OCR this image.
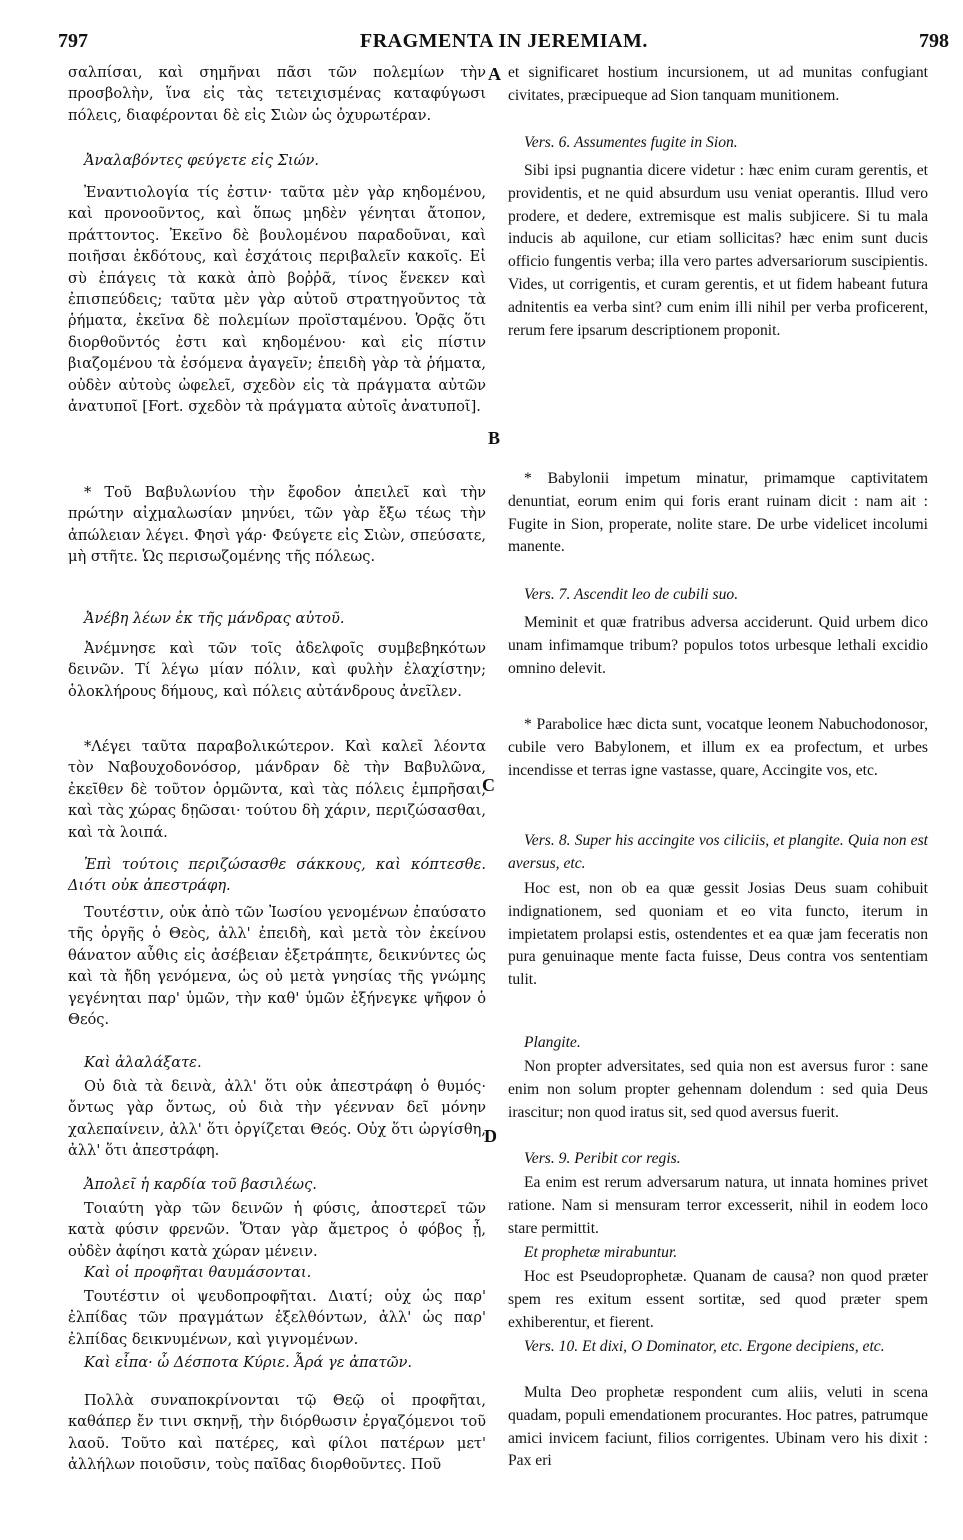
797	FRAGMENTA IN JEREMIAM.	798
A
B
C
D
σαλπίσαι, καὶ σημῆναι πᾶσι τῶν πολεμίων τὴν προσβολὴν, ἵνα εἰς τὰς τετειχισμένας καταφύγωσι πόλεις, διαφέρονται δὲ εἰς Σιὼν ὡς ὀχυρωτέραν.
Ἀναλαβόντες φεύγετε εἰς Σιών.
Ἐναντιολογία τίς ἐστιν· ταῦτα μὲν γὰρ κηδομένου, καὶ προνοοῦντος, καὶ ὅπως μηδὲν γένηται ἄτοπον, πράττοντος. Ἐκεῖνο δὲ βουλομένου παραδοῦναι, καὶ ποιῆσαι ἐκδότους, καὶ ἐσχάτοις περιβαλεῖν κακοῖς. Εἰ σὺ ἐπάγεις τὰ κακὰ ἀπὸ βοῤῥᾶ, τίνος ἕνεκεν καὶ ἐπισπεύδεις; ταῦτα μὲν γὰρ αὐτοῦ στρατηγοῦντος τὰ ῥήματα, ἐκεῖνα δὲ πολεμίων προϊσταμένου. Ὁρᾷς ὅτι διορθοῦντός ἐστι καὶ κηδομένου· καὶ εἰς πίστιν βιαζομένου τὰ ἐσόμενα ἀγαγεῖν; ἐπειδὴ γὰρ τὰ ῥήματα, οὐδὲν αὐτοὺς ὠφελεῖ, σχεδὸν εἰς τὰ πράγματα αὐτῶν ἀνατυποῖ [Fort. σχεδὸν τὰ πράγματα αὐτοῖς ἀνατυποῖ].
* Τοῦ Βαβυλωνίου τὴν ἔφοδον ἀπειλεῖ καὶ τὴν πρώτην αἰχμαλωσίαν μηνύει, τῶν γὰρ ἔξω τέως τὴν ἀπώλειαν λέγει. Φησὶ γάρ· Φεύγετε εἰς Σιὼν, σπεύσατε, μὴ στῆτε. Ὡς περισωζομένης τῆς πόλεως.
Ἀνέβη λέων ἐκ τῆς μάνδρας αὐτοῦ.
Ἀνέμνησε καὶ τῶν τοῖς ἀδελφοῖς συμβεβηκότων δεινῶν. Τί λέγω μίαν πόλιν, καὶ φυλὴν ἐλαχίστην; ὁλοκλήρους δήμους, καὶ πόλεις αὐτάνδρους ἀνεῖλεν.
*Λέγει ταῦτα παραβολικώτερον. Καὶ καλεῖ λέοντα τὸν Ναβουχοδονόσορ, μάνδραν δὲ τὴν Βαβυλῶνα, ἐκεῖθεν δὲ τοῦτον ὁρμῶντα, καὶ τὰς πόλεις ἐμπρῆσαι, καὶ τὰς χώρας δῃῶσαι· τούτου δὴ χάριν, περιζώσασθαι, καὶ τὰ λοιπά.
Ἐπὶ τούτοις περιζώσασθε σάκκους, καὶ κόπτεσθε. Διότι οὐκ ἀπεστράφη.
Τουτέστιν, οὐκ ἀπὸ τῶν Ἰωσίου γενομένων ἐπαύσατο τῆς ὀργῆς ὁ Θεὸς, ἀλλ' ἐπειδὴ, καὶ μετὰ τὸν ἐκείνου θάνατον αὖθις εἰς ἀσέβειαν ἐξετράπητε, δεικνύντες ὡς καὶ τὰ ἤδη γενόμενα, ὡς οὐ μετὰ γνησίας τῆς γνώμης γεγένηται παρ' ὑμῶν, τὴν καθ' ὑμῶν ἐξήνεγκε ψῆφον ὁ Θεός.
Καὶ ἀλαλάξατε.
Οὐ διὰ τὰ δεινὰ, ἀλλ' ὅτι οὐκ ἀπεστράφη ὁ θυμός· ὄντως γὰρ ὄντως, οὐ διὰ τὴν γέενναν δεῖ μόνην χαλεπαίνειν, ἀλλ' ὅτι ὀργίζεται Θεός. Οὐχ ὅτι ὠργίσθη, ἀλλ' ὅτι ἀπεστράφη.
Ἀπολεῖ ἡ καρδία τοῦ βασιλέως.
Τοιαύτη γὰρ τῶν δεινῶν ἡ φύσις, ἀποστερεῖ τῶν κατὰ φύσιν φρενῶν. Ὅταν γὰρ ἄμετρος ὁ φόβος ᾖ, οὐδὲν ἀφίησι κατὰ χώραν μένειν.
Καὶ οἱ προφῆται θαυμάσονται.
Τουτέστιν οἱ ψευδοπροφῆται. Διατί; οὐχ ὡς παρ' ἐλπίδας τῶν πραγμάτων ἐξελθόντων, ἀλλ' ὡς παρ' ἐλπίδας δεικνυμένων, καὶ γιγνομένων.
Καὶ εἶπα· ὦ Δέσποτα Κύριε. Ἆρά γε ἀπατῶν.
Πολλὰ συναποκρίνονται τῷ Θεῷ οἱ προφῆται, καθάπερ ἔν τινι σκηνῇ, τὴν διόρθωσιν ἐργαζόμενοι τοῦ λαοῦ. Τοῦτο καὶ πατέρες, καὶ φίλοι πατέρων μετ' ἀλλήλων ποιοῦσιν, τοὺς παῖδας διορθοῦντες. Ποῦ
et significaret hostium incursionem, ut ad munitas confugiant civitates, præcipueque ad Sion tanquam munitionem.
Vers. 6. Assumentes fugite in Sion.
Sibi ipsi pugnantia dicere videtur : hæc enim curam gerentis, et providentis, et ne quid absurdum usu veniat operantis. Illud vero prodere, et dedere, extremisque est malis subjicere. Si tu mala inducis ab aquilone, cur etiam sollicitas? hæc enim sunt ducis officio fungentis verba; illa vero partes adversariorum suscipientis. Vides, ut corrigentis, et curam gerentis, et ut fidem habeant futura adnitentis ea verba sint? cum enim illi nihil per verba proficerent, rerum fere ipsarum descriptionem proponit.
* Babylonii impetum minatur, primamque captivitatem denuntiat, eorum enim qui foris erant ruinam dicit : nam ait : Fugite in Sion, properate, nolite stare. De urbe videlicet incolumi manente.
Vers. 7. Ascendit leo de cubili suo.
Meminit et quæ fratribus adversa acciderunt. Quid urbem dico unam infimamque tribum? populos totos urbesque lethali excidio omnino delevit.
* Parabolice hæc dicta sunt, vocatque leonem Nabuchodonosor, cubile vero Babylonem, et illum ex ea profectum, et urbes incendisse et terras igne vastasse, quare, Accingite vos, etc.
Vers. 8. Super his accingite vos ciliciis, et plangite. Quia non est aversus, etc.
Hoc est, non ob ea quæ gessit Josias Deus suam cohibuit indignationem, sed quoniam et eo vita functo, iterum in impietatem prolapsi estis, ostendentes et ea quæ jam feceratis non pura genuinaque mente facta fuisse, Deus contra vos sententiam tulit.
Plangite.
Non propter adversitates, sed quia non est aversus furor : sane enim non solum propter gehennam dolendum : sed quia Deus irascitur; non quod iratus sit, sed quod aversus fuerit.
Vers. 9. Peribit cor regis.
Ea enim est rerum adversarum natura, ut innata homines privet ratione. Nam si mensuram terror excesserit, nihil in eodem loco stare permittit.
Et prophetæ mirabuntur.
Hoc est Pseudoprophetæ. Quanam de causa? non quod præter spem res exitum essent sortitæ, sed quod præter spem exhiberentur, et fierent.
Vers. 10. Et dixi, O Dominator, etc. Ergone decipiens, etc.
Multa Deo prophetæ respondent cum aliis, veluti in scena quadam, populi emendationem procurantes. Hoc patres, patrumque amici invicem faciunt, filios corrigentes. Ubinam vero his dixit : Pax eri
